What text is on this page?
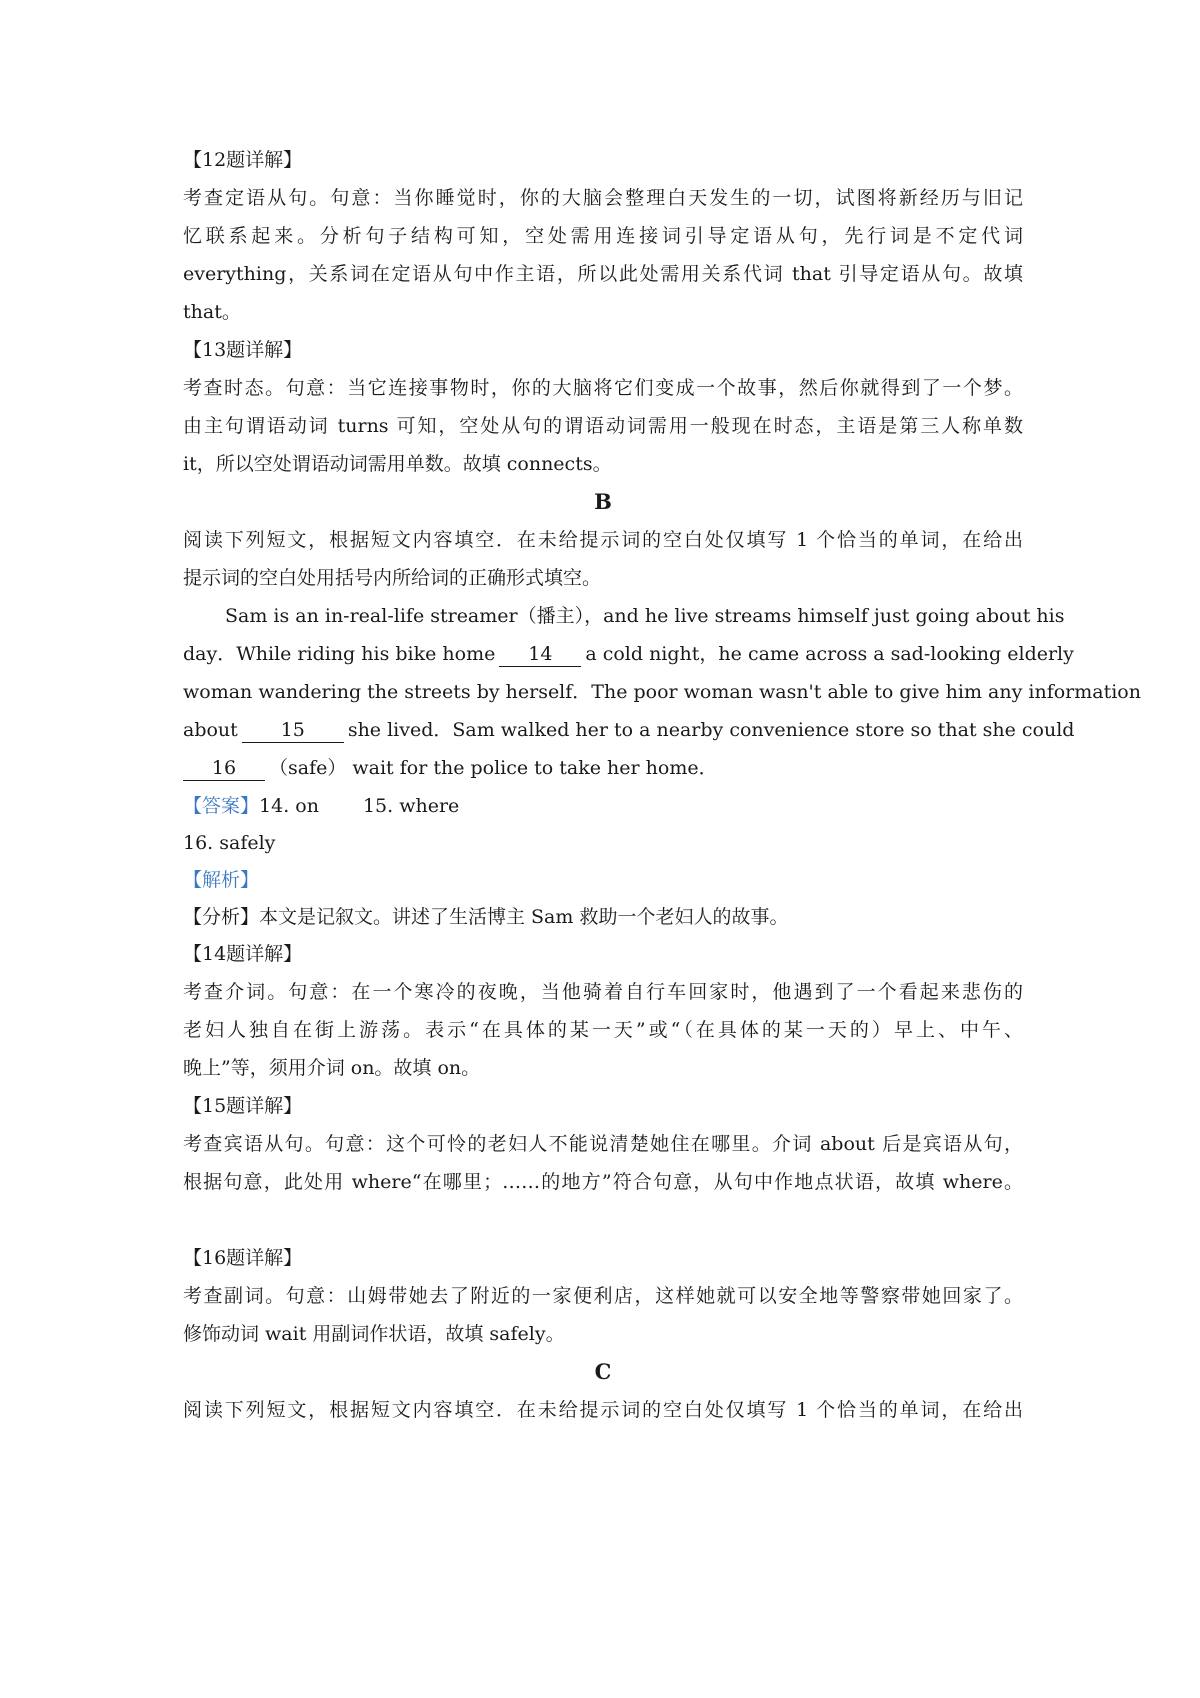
【12题详解】
考查定语从句。句意：当你睡觉时，你的大脑会整理白天发生的一切，试图将新经历与旧记
忆联系起来。分析句子结构可知，空处需用连接词引导定语从句，先行词是不定代词
everything，关系词在定语从句中作主语，所以此处需用关系代词 that 引导定语从句。故填
that。
【13题详解】
考查时态。句意：当它连接事物时，你的大脑将它们变成一个故事，然后你就得到了一个梦。
由主句谓语动词 turns 可知，空处从句的谓语动词需用一般现在时态，主语是第三人称单数
it，所以空处谓语动词需用单数。故填 connects。
B
阅读下列短文，根据短文内容填空．在未给提示词的空白处仅填写 1 个恰当的单词，在给出
提示词的空白处用括号内所给词的正确形式填空。
Sam is an in-real-life streamer（播主），and he live streams himself just going about his
day．While riding his bike home 14 a cold night，he came across a sad-looking elderly
woman wandering the streets by herself．The poor woman wasn't able to give him any information
about 15 she lived．Sam walked her to a nearby convenience store so that she could
16 （safe） wait for the police to take her home．
【答案】14. on 15. where
16. safely
【解析】
【分析】本文是记叙文。讲述了生活博主 Sam 救助一个老妇人的故事。
【14题详解】
考查介词。句意：在一个寒冷的夜晚，当他骑着自行车回家时，他遇到了一个看起来悲伤的
老妇人独自在街上游荡。表示“在具体的某一天”或“（在具体的某一天的）早上、中午、
晚上”等，须用介词 on。故填 on。
【15题详解】
考查宾语从句。句意：这个可怜的老妇人不能说清楚她住在哪里。介词 about 后是宾语从句，
根据句意，此处用 where“在哪里；……的地方”符合句意，从句中作地点状语，故填 where。
【16题详解】
考查副词。句意：山姆带她去了附近的一家便利店，这样她就可以安全地等警察带她回家了。
修饰动词 wait 用副词作状语，故填 safely。
C
阅读下列短文，根据短文内容填空．在未给提示词的空白处仅填写 1 个恰当的单词，在给出
